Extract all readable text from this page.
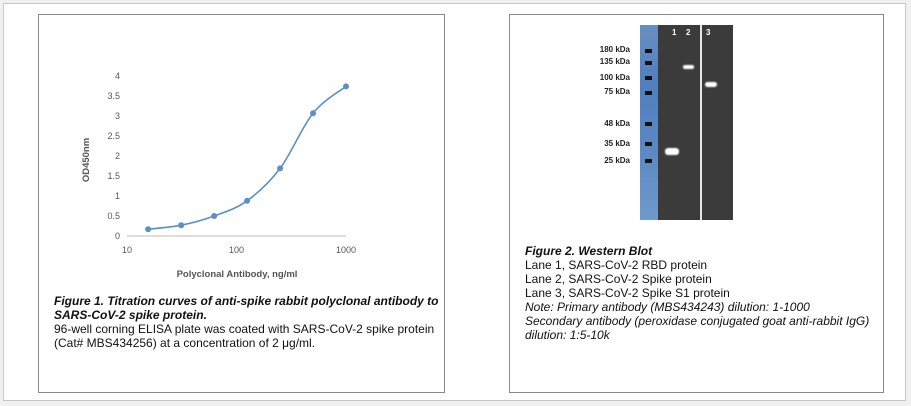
0
0.5
1
1.5
2
2.5
3
3.5
4
10	100	1000
Polyclonal Antibody, ng/ml
OD450nm
Figure 1. Titration curves of anti-spike rabbit polyclonal antibody to SARS-CoV-2 spike protein.
96-well corning ELISA plate was coated with SARS-CoV-2 spike protein (Cat# MBS434256) at a concentration of 2 μg/ml.
180 kDa
135 kDa
100 kDa
75 kDa
48 kDa
35 kDa
25 kDa
1 2 3
Figure 2. Western Blot
Lane 1, SARS-CoV-2 RBD protein
Lane 2, SARS-CoV-2 Spike protein
Lane 3, SARS-CoV-2 Spike S1 protein
Note: Primary antibody (MBS434243) dilution: 1-1000
Secondary antibody (peroxidase conjugated goat anti-rabbit IgG) dilution: 1:5-10k
